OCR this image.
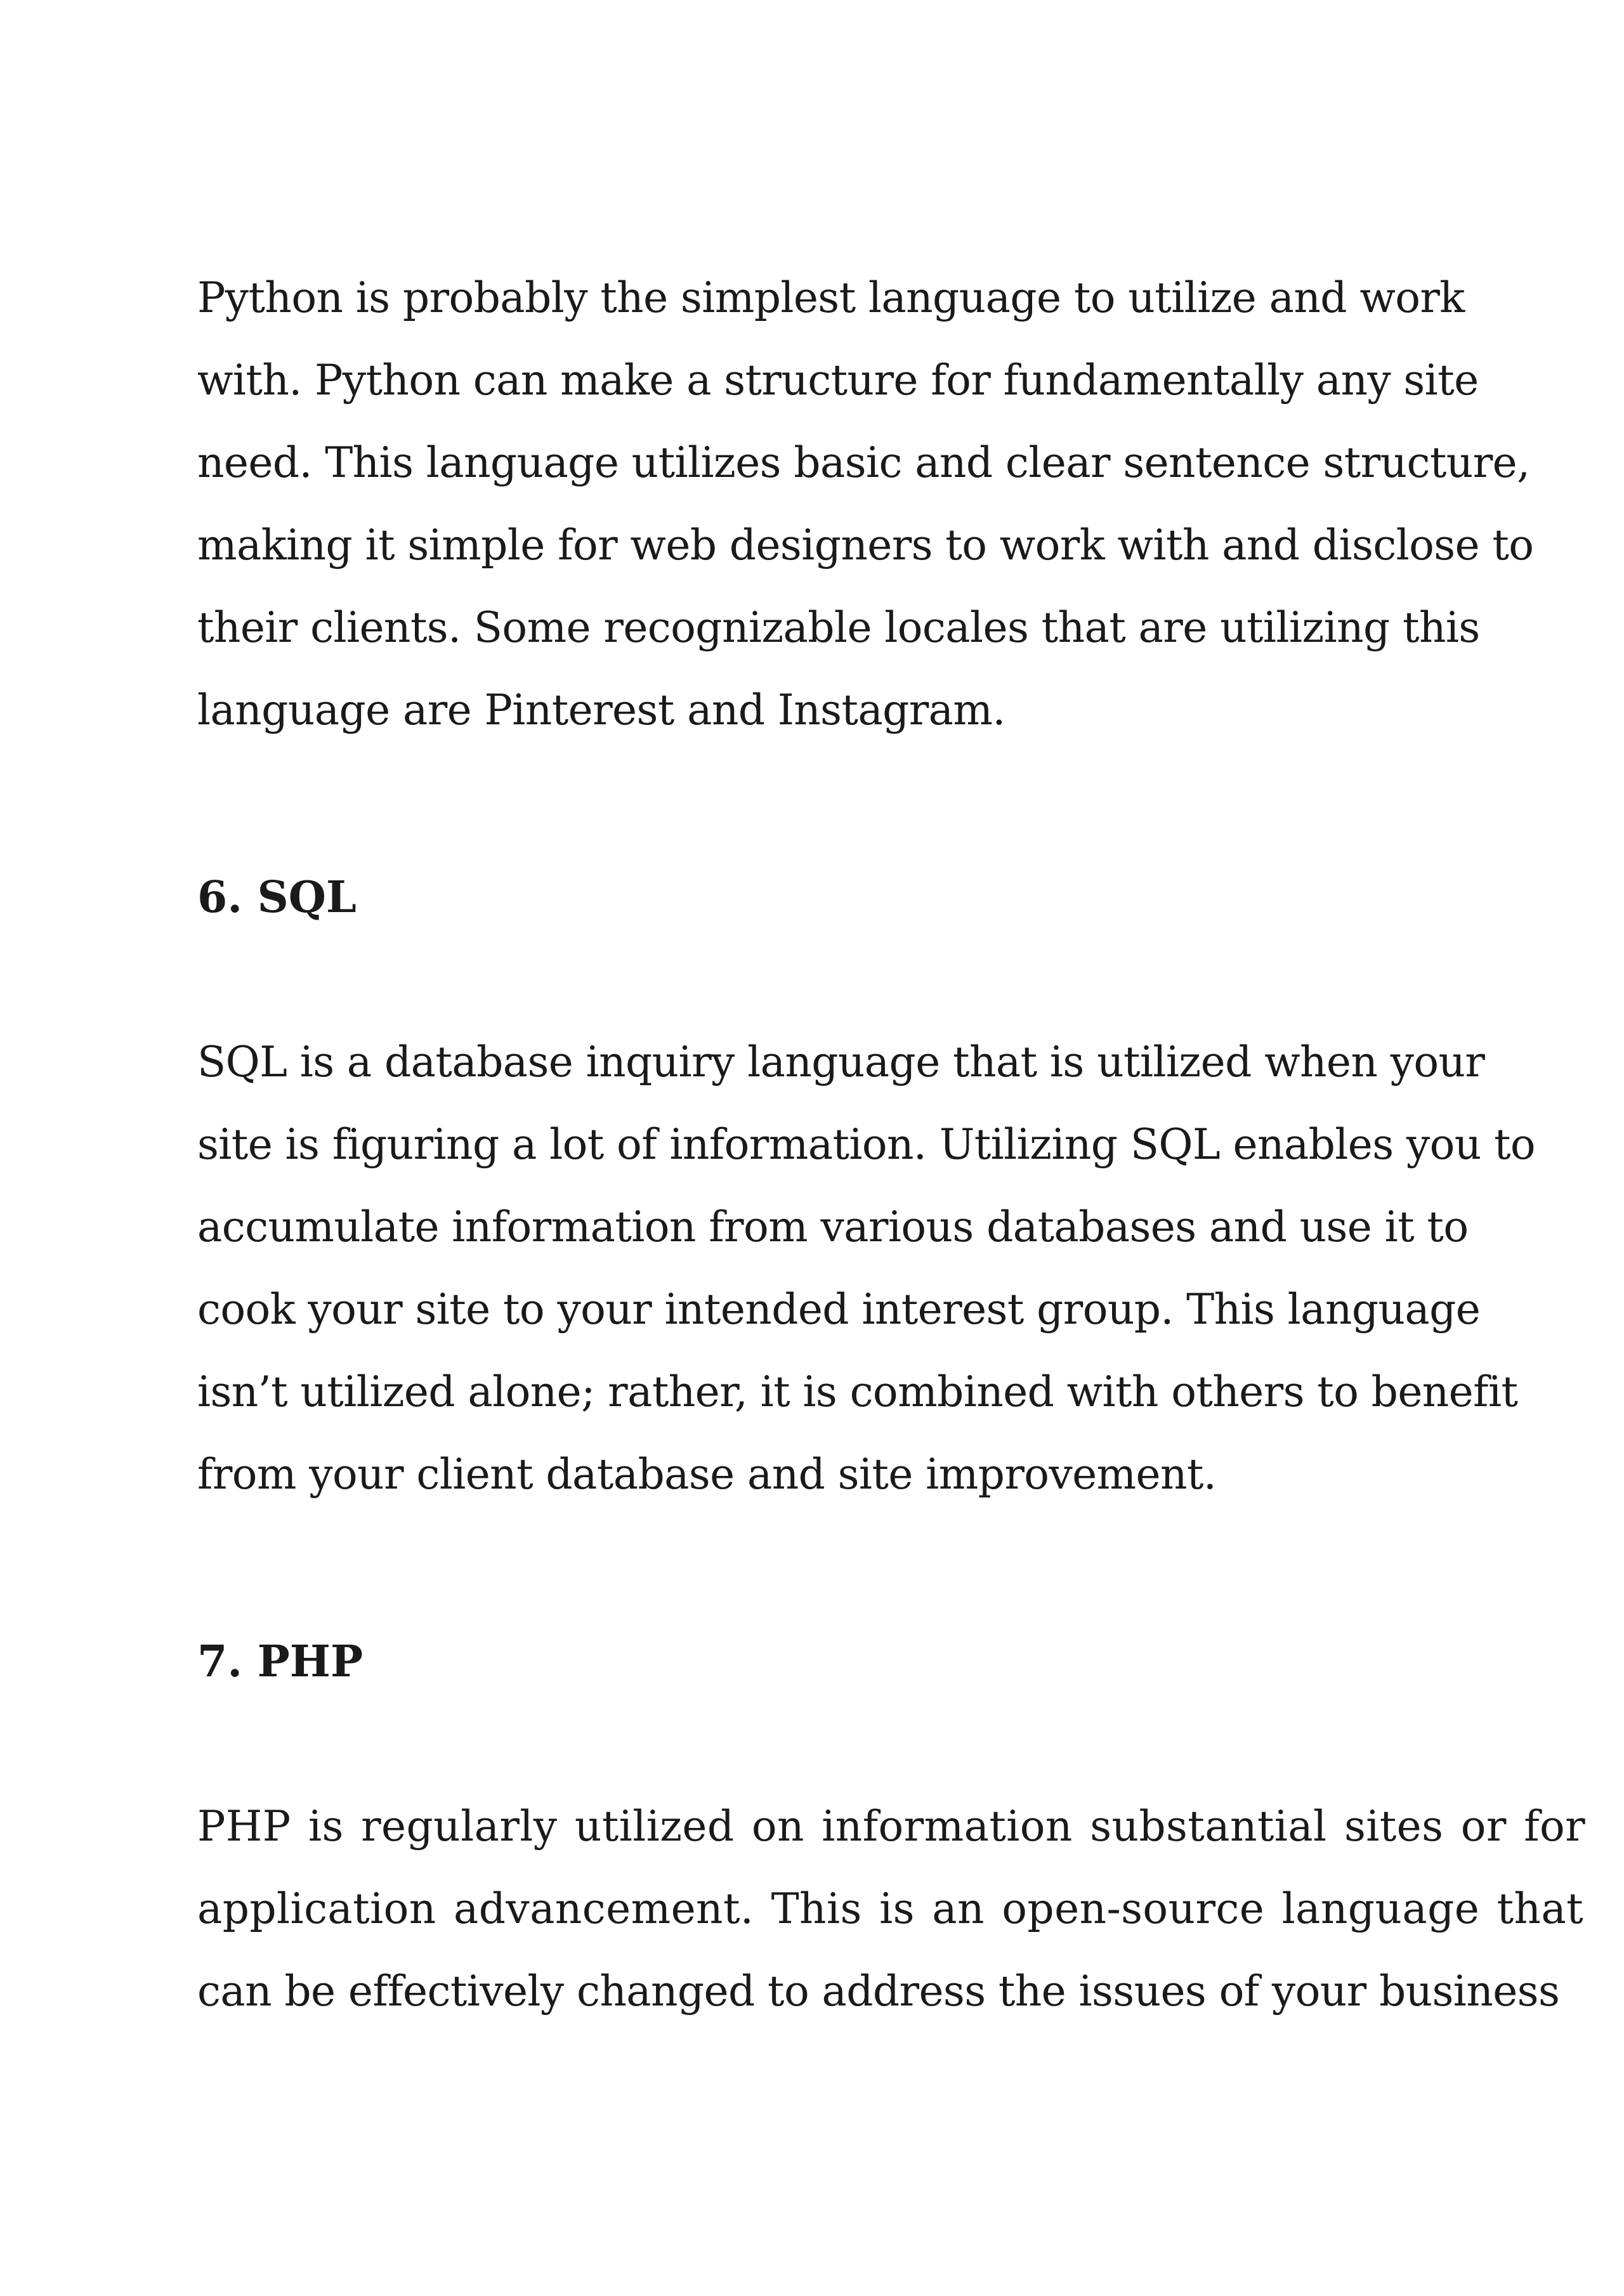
Python is probably the simplest language to utilize and work
with. Python can make a structure for fundamentally any site
need. This language utilizes basic and clear sentence structure,
making it simple for web designers to work with and disclose to
their clients. Some recognizable locales that are utilizing this
language are Pinterest and Instagram.
6. SQL
SQL is a database inquiry language that is utilized when your
site is figuring a lot of information. Utilizing SQL enables you to
accumulate information from various databases and use it to
cook your site to your intended interest group. This language
isn’t utilized alone; rather, it is combined with others to benefit
from your client database and site improvement.
7. PHP
PHP is regularly utilized on information substantial sites or for
application advancement. This is an open-source language that
can be effectively changed to address the issues of your business
